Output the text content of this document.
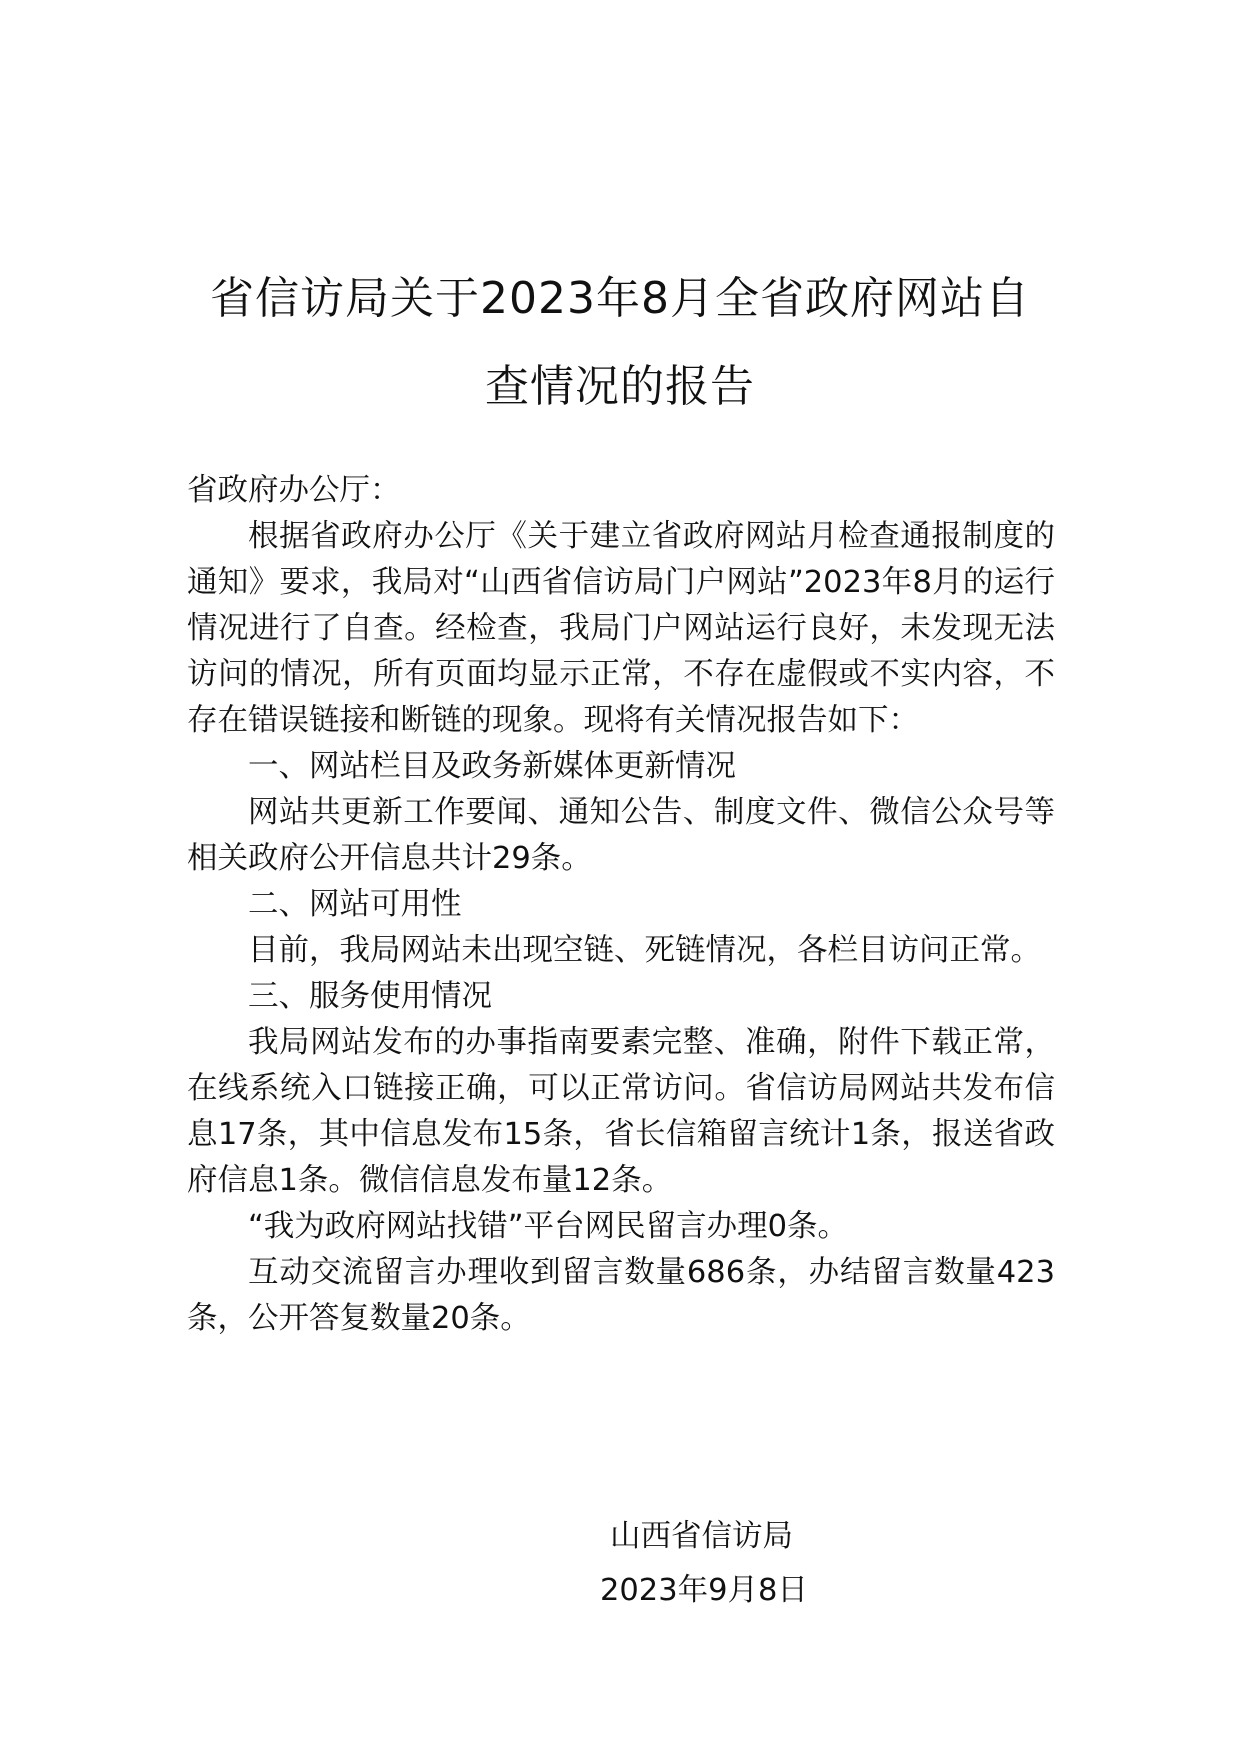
省信访局关于2023年8月全省政府网站自
查情况的报告

省政府办公厅：

根据省政府办公厅《关于建立省政府网站月检查通报制度的通知》要求，我局对“山西省信访局门户网站”2023年8月的运行情况进行了自查。经检查，我局门户网站运行良好，未发现无法访问的情况，所有页面均显示正常，不存在虚假或不实内容，不存在错误链接和断链的现象。现将有关情况报告如下：

一、网站栏目及政务新媒体更新情况

网站共更新工作要闻、通知公告、制度文件、微信公众号等相关政府公开信息共计29条。

二、网站可用性

目前，我局网站未出现空链、死链情况，各栏目访问正常。

三、服务使用情况

我局网站发布的办事指南要素完整、准确，附件下载正常，在线系统入口链接正确，可以正常访问。省信访局网站共发布信息17条，其中信息发布15条，省长信箱留言统计1条，报送省政府信息1条。微信信息发布量12条。

“我为政府网站找错”平台网民留言办理0条。

互动交流留言办理收到留言数量686条，办结留言数量423条，公开答复数量20条。

山西省信访局
2023年9月8日
